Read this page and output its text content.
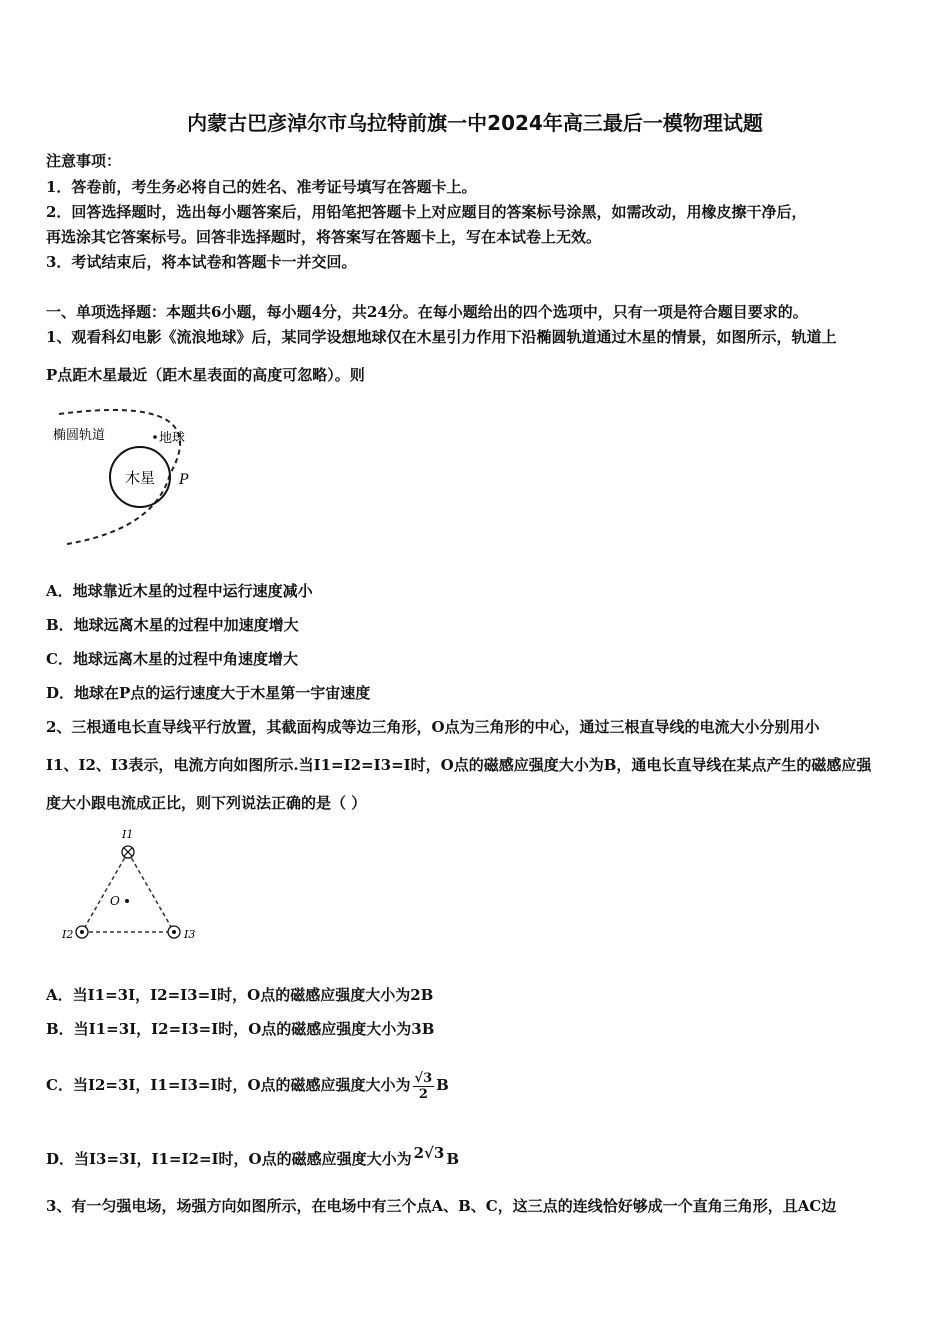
内蒙古巴彦淖尔市乌拉特前旗一中2024年高三最后一模物理试题
注意事项：
1．答卷前，考生务必将自己的姓名、准考证号填写在答题卡上。
2．回答选择题时，选出每小题答案后，用铅笔把答题卡上对应题目的答案标号涂黑，如需改动，用橡皮擦干净后，
再选涂其它答案标号。回答非选择题时，将答案写在答题卡上，写在本试卷上无效。
3．考试结束后，将本试卷和答题卡一并交回。
一、单项选择题：本题共6小题，每小题4分，共24分。在每小题给出的四个选项中，只有一项是符合题目要求的。
1、观看科幻电影《流浪地球》后，某同学设想地球仅在木星引力作用下沿椭圆轨道通过木星的情景，如图所示，轨道上
P点距木星最近（距木星表面的高度可忽略）。则
木星
椭圆轨道	地球
P
A．地球靠近木星的过程中运行速度减小
B．地球远离木星的过程中加速度增大
C．地球远离木星的过程中角速度增大
D．地球在P点的运行速度大于木星第一宇宙速度
2、三根通电长直导线平行放置，其截面构成等边三角形，O点为三角形的中心，通过三根直导线的电流大小分别用小
I1、I2、I3表示，电流方向如图所示.当I1=I2=I3=I时，O点的磁感应强度大小为B，通电长直导线在某点产生的磁感应强
度大小跟电流成正比，则下列说法正确的是（ ）
O
I1
I2	I3
A．当I1=3I，I2=I3=I时，O点的磁感应强度大小为2B
B．当I1=3I，I2=I3=I时，O点的磁感应强度大小为3B
C．当I2=3I，I1=I3=I时，O点的磁感应强度大小为 $\frac{√3}{2}$ B
D．当I3=3I，I1=I2=I时，O点的磁感应强度大小为 2√3 B
3、有一匀强电场，场强方向如图所示，在电场中有三个点A、B、C，这三点的连线恰好够成一个直角三角形，且AC边
